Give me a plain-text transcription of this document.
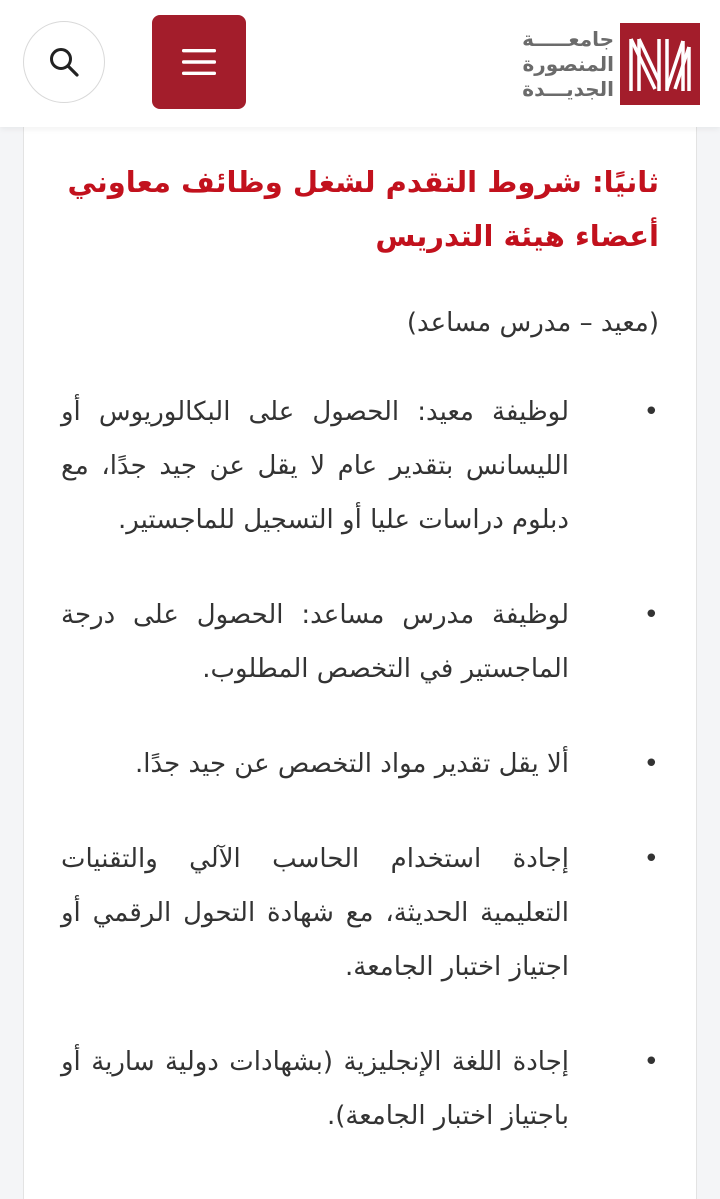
جامعـــــة
المنصورة
الجديـــدة
ثانيًا: شروط التقدم لشغل وظائف معاوني أعضاء هيئة التدريس
(معيد – مدرس مساعد)
•
لوظيفة معيد: الحصول على البكالوريوس أو الليسانس بتقدير عام لا يقل عن جيد جدًا، مع دبلوم دراسات عليا أو التسجيل للماجستير.
•
لوظيفة مدرس مساعد: الحصول على درجة الماجستير في التخصص المطلوب.
•
ألا يقل تقدير مواد التخصص عن جيد جدًا.
•
إجادة استخدام الحاسب الآلي والتقنيات التعليمية الحديثة، مع شهادة التحول الرقمي أو اجتياز اختبار الجامعة.
•
إجادة اللغة الإنجليزية (بشهادات دولية سارية أو باجتياز اختبار الجامعة).
